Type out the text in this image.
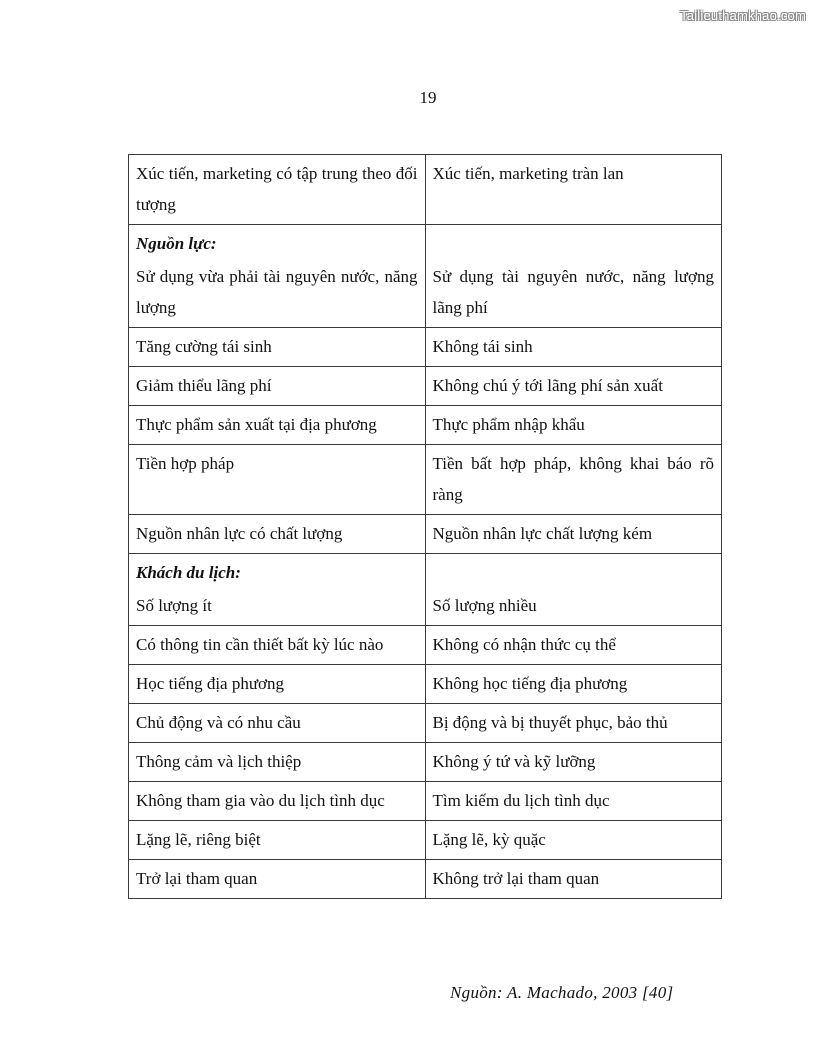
Tailieuthamkhao.com
19
Xúc tiến, marketing có tập trung theo đối tượng	Xúc tiến, marketing tràn lan

Nguồn lực:
Sử dụng vừa phải tài nguyên nước, năng lượng	Sử dụng tài nguyên nước, năng lượng lãng phí
Tăng cường tái sinh	Không tái sinh
Giảm thiểu lãng phí	Không chú ý tới lãng phí sản xuất
Thực phẩm sản xuất tại địa phương	Thực phẩm nhập khẩu
Tiền hợp pháp	Tiền bất hợp pháp, không khai báo rõ ràng
Nguồn nhân lực có chất lượng	Nguồn nhân lực chất lượng kém

Khách du lịch:
Số lượng ít	Số lượng nhiều
Có thông tin cần thiết bất kỳ lúc nào	Không có nhận thức cụ thể
Học tiếng địa phương	Không học tiếng địa phương
Chủ động và có nhu cầu	Bị động và bị thuyết phục, bảo thủ
Thông cảm và lịch thiệp	Không ý tứ và kỹ lưỡng
Không tham gia vào du lịch tình dục	Tìm kiếm du lịch tình dục
Lặng lẽ, riêng biệt	Lặng lẽ, kỳ quặc
Trở lại tham quan	Không trở lại tham quan
Nguồn: A. Machado, 2003 [40]
